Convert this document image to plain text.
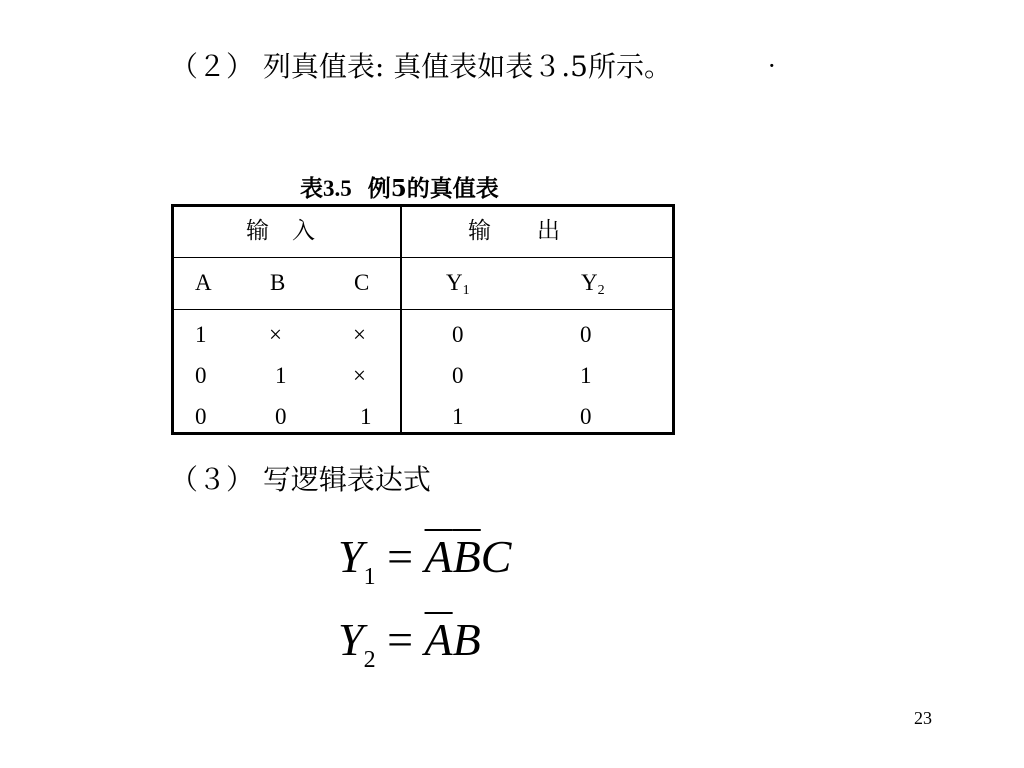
（２） 列真值表: 真值表如表３.5所示。	·
表3.5 例5的真值表
输　入	输　　出
A	B	C	$Y_1$	$Y_2$
1	×	×	0	0
0	1	×	0	1
0	0	1	1	0
（３） 写逻辑表达式
$Y_1 = \overline{A}\overline{B}C$
$Y_2 = \overline{A}B$
23
